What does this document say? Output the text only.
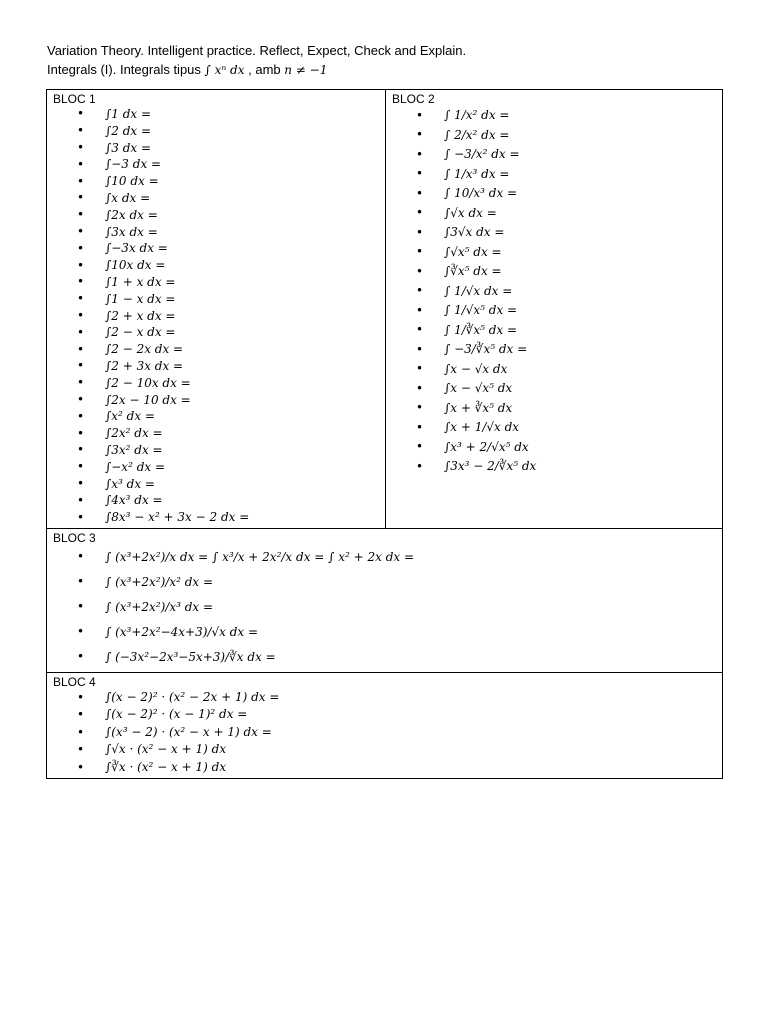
Variation Theory. Intelligent practice. Reflect, Expect, Check and Explain.
Integrals (I). Integrals tipus ∫ xⁿ dx , amb n ≠ −1
BLOC 1
• ∫1 dx =
• ∫2 dx =
• ∫3 dx =
• ∫−3 dx =
• ∫10 dx =
• ∫x dx =
• ∫2x dx =
• ∫3x dx =
• ∫−3x dx =
• ∫10x dx =
• ∫1 + x dx =
• ∫1 − x dx =
• ∫2 + x dx =
• ∫2 − x dx =
• ∫2 − 2x dx =
• ∫2 + 3x dx =
• ∫2 − 10x dx =
• ∫2x − 10 dx =
• ∫x² dx =
• ∫2x² dx =
• ∫3x² dx =
• ∫−x² dx =
• ∫x³ dx =
• ∫4x³ dx =
• ∫8x³ − x² + 3x − 2 dx =

BLOC 2
• ∫ 1/x² dx =
• ∫ 2/x² dx =
• ∫ −3/x² dx =
• ∫ 1/x³ dx =
• ∫ 10/x³ dx =
• ∫√x dx =
• ∫3√x dx =
• ∫√x⁵ dx =
• ∫∛x⁵ dx =
• ∫ 1/√x dx =
• ∫ 1/√x⁵ dx =
• ∫ 1/∛x⁵ dx =
• ∫ −3/∛x⁵ dx =
• ∫x − √x dx
• ∫x − √x⁵ dx
• ∫x + ∛x⁵ dx
• ∫x + 1/√x dx
• ∫x³ + 2/√x⁵ dx
• ∫3x³ − 2/∛x⁵ dx

BLOC 3
• ∫ (x³+2x²)/x dx = ∫ x³/x + 2x²/x dx = ∫ x² + 2x dx =
• ∫ (x³+2x²)/x² dx =
• ∫ (x³+2x²)/x³ dx =
• ∫ (x³+2x²−4x+3)/√x dx =
• ∫ (−3x²−2x³−5x+3)/∛x dx =

BLOC 4
• ∫(x − 2)² · (x² − 2x + 1) dx =
• ∫(x − 2)² · (x − 1)² dx =
• ∫(x³ − 2) · (x² − x + 1) dx =
• ∫√x · (x² − x + 1) dx
• ∫∛x · (x² − x + 1) dx
